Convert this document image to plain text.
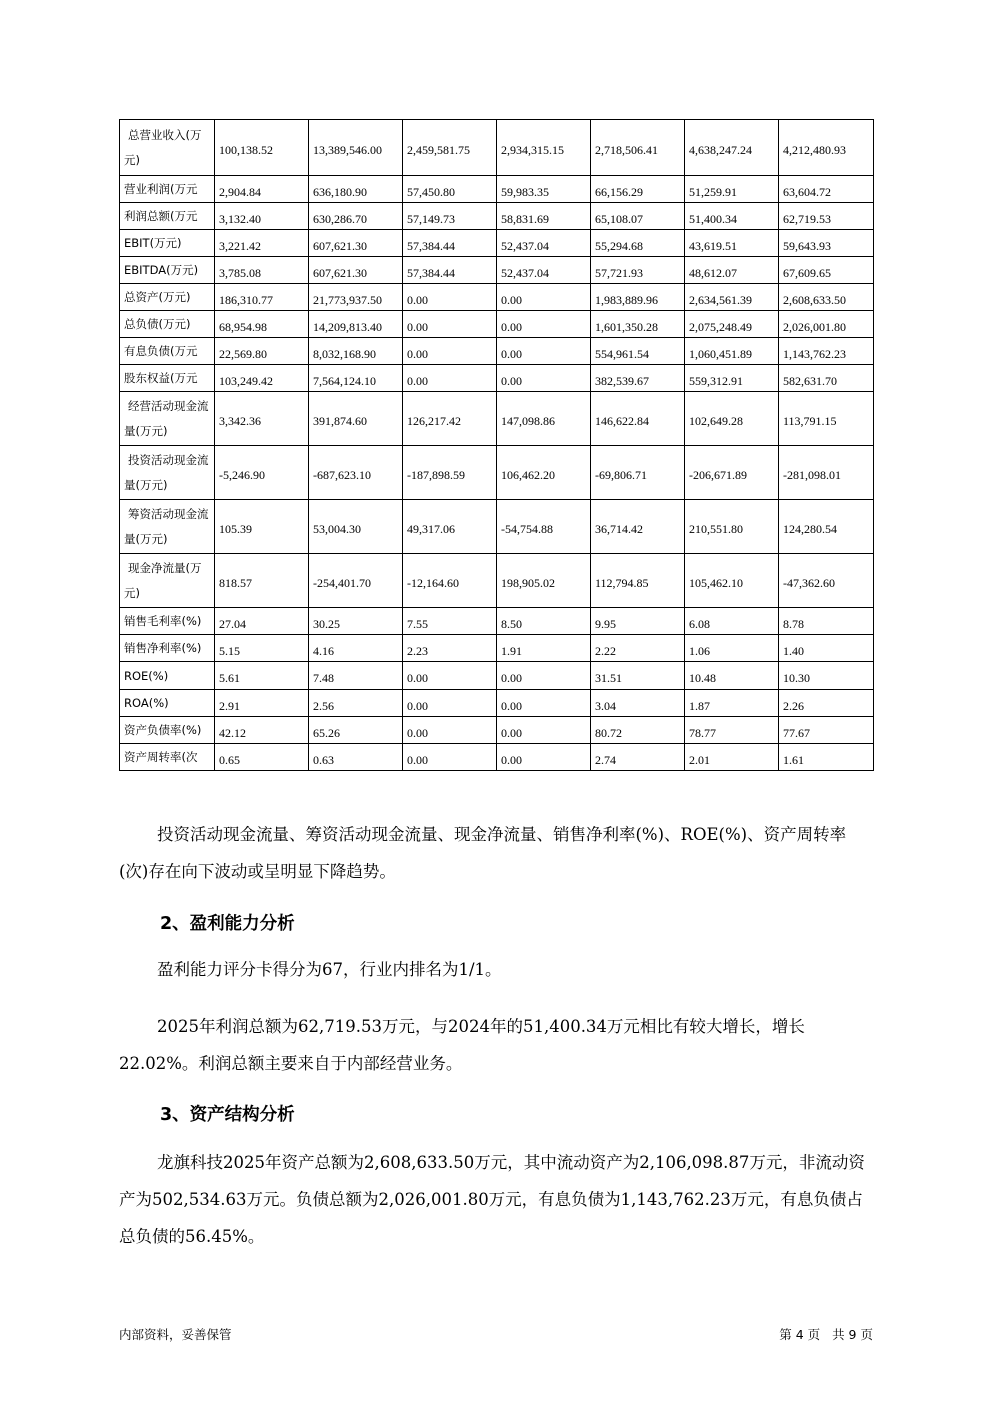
总营业收入(万元)	100,138.52	13,389,546.00	2,459,581.75	2,934,315.15	2,718,506.41	4,638,247.24	4,212,480.93
营业利润(万元	2,904.84	636,180.90	57,450.80	59,983.35	66,156.29	51,259.91	63,604.72
利润总额(万元	3,132.40	630,286.70	57,149.73	58,831.69	65,108.07	51,400.34	62,719.53
EBIT(万元)	3,221.42	607,621.30	57,384.44	52,437.04	55,294.68	43,619.51	59,643.93
EBITDA(万元)	3,785.08	607,621.30	57,384.44	52,437.04	57,721.93	48,612.07	67,609.65
总资产(万元)	186,310.77	21,773,937.50	0.00	0.00	1,983,889.96	2,634,561.39	2,608,633.50
总负债(万元)	68,954.98	14,209,813.40	0.00	0.00	1,601,350.28	2,075,248.49	2,026,001.80
有息负债(万元	22,569.80	8,032,168.90	0.00	0.00	554,961.54	1,060,451.89	1,143,762.23
股东权益(万元	103,249.42	7,564,124.10	0.00	0.00	382,539.67	559,312.91	582,631.70
经营活动现金流量(万元)	3,342.36	391,874.60	126,217.42	147,098.86	146,622.84	102,649.28	113,791.15
投资活动现金流量(万元)	-5,246.90	-687,623.10	-187,898.59	106,462.20	-69,806.71	-206,671.89	-281,098.01
筹资活动现金流量(万元)	105.39	53,004.30	49,317.06	-54,754.88	36,714.42	210,551.80	124,280.54
现金净流量(万元)	818.57	-254,401.70	-12,164.60	198,905.02	112,794.85	105,462.10	-47,362.60
销售毛利率(%)	27.04	30.25	7.55	8.50	9.95	6.08	8.78
销售净利率(%)	5.15	4.16	2.23	1.91	2.22	1.06	1.40
ROE(%)	5.61	7.48	0.00	0.00	31.51	10.48	10.30
ROA(%)	2.91	2.56	0.00	0.00	3.04	1.87	2.26
资产负债率(%)	42.12	65.26	0.00	0.00	80.72	78.77	77.67
资产周转率(次	0.65	0.63	0.00	0.00	2.74	2.01	1.61

投资活动现金流量、筹资活动现金流量、现金净流量、销售净利率(%)、ROE(%)、资产周转率(次)存在向下波动或呈明显下降趋势。

2、盈利能力分析

盈利能力评分卡得分为67，行业内排名为1/1。

2025年利润总额为62,719.53万元，与2024年的51,400.34万元相比有较大增长，增长22.02%。利润总额主要来自于内部经营业务。

3、资产结构分析

龙旗科技2025年资产总额为2,608,633.50万元，其中流动资产为2,106,098.87万元，非流动资产为502,534.63万元。负债总额为2,026,001.80万元，有息负债为1,143,762.23万元，有息负债占总负债的56.45%。

内部资料，妥善保管	第 4 页   共 9 页
